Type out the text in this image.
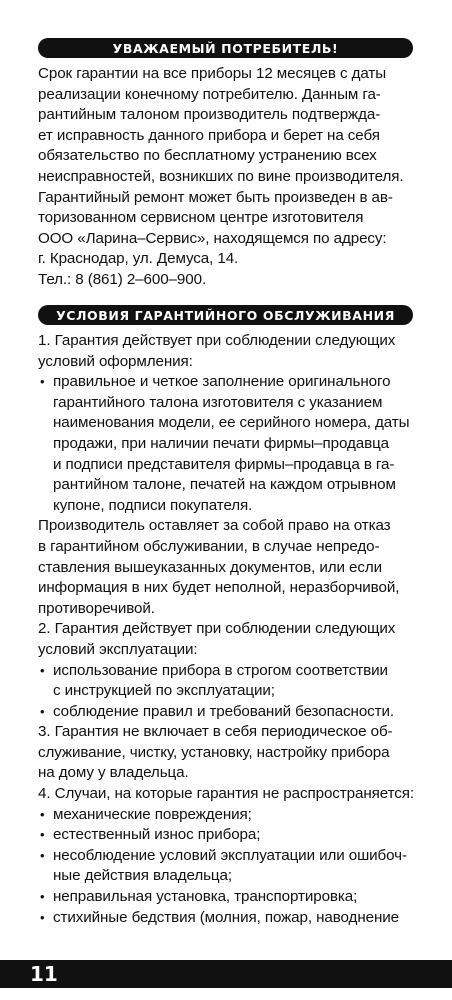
УВАЖАЕМЫЙ ПОТРЕБИТЕЛЬ!
Срок гарантии на все приборы 12 месяцев с даты
реализации конечному потребителю. Данным га-
рантийным талоном производитель подтвержда-
ет исправность данного прибора и берет на себя
обязательство по бесплатному устранению всех
неисправностей, возникших по вине производителя.
Гарантийный ремонт может быть произведен в ав-
торизованном сервисном центре изготовителя
ООО «Ларина–Сервис», находящемся по адресу:
г. Краснодар, ул. Демуса, 14.
Тел.: 8 (861) 2–600–900.
УСЛОВИЯ ГАРАНТИЙНОГО ОБСЛУЖИВАНИЯ
1. Гарантия действует при соблюдении следующих
условий оформления:
• правильное и четкое заполнение оригинального
гарантийного талона изготовителя с указанием
наименования модели, ее серийного номера, даты
продажи, при наличии печати фирмы–продавца
и подписи представителя фирмы–продавца в га-
рантийном талоне, печатей на каждом отрывном
купоне, подписи покупателя.
Производитель оставляет за собой право на отказ
в гарантийном обслуживании, в случае непредо-
ставления вышеуказанных документов, или если
информация в них будет неполной, неразборчивой,
противоречивой.
2. Гарантия действует при соблюдении следующих
условий эксплуатации:
• использование прибора в строгом соответствии
с инструкцией по эксплуатации;
• соблюдение правил и требований безопасности.
3. Гарантия не включает в себя периодическое об-
служивание, чистку, установку, настройку прибора
на дому у владельца.
4. Случаи, на которые гарантия не распространяется:
• механические повреждения;
• естественный износ прибора;
• несоблюдение условий эксплуатации или ошибоч-
ные действия владельца;
• неправильная установка, транспортировка;
• стихийные бедствия (молния, пожар, наводнение
11
